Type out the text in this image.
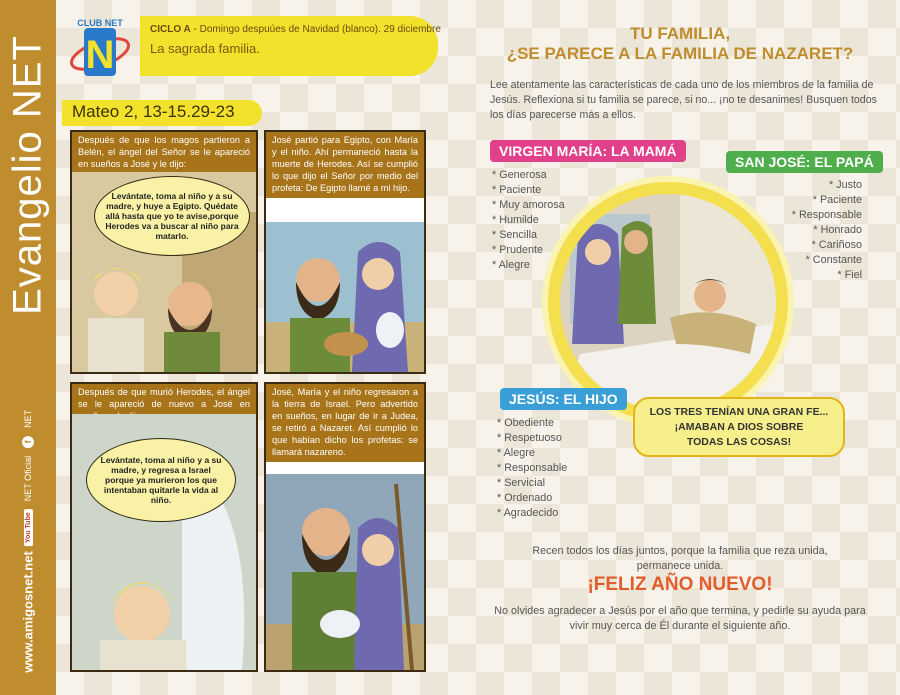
Evangelio NET
You Tube
NET Oficial
f
NET
www.amigosnet.net
N
CLUB NET
CICLO A - Domingo despuúes de Navidad (blanco). 29 diciembre
La sagrada familia.
Mateo 2, 13-15.29-23
Después de que los magos partieron a Belén, el ángel del Señor se le apareció en sueños a José y le dijo:
Levántate, toma al niño y a su madre, y huye a Egipto. Quédate allá hasta que yo te avise,porque Herodes va a buscar al niño para matarlo.
José partió para Egipto, con María y el niño. Ahí permaneció hasta la muerte de Herodes. Así se cumplió lo que dijo el Señor por medio del profeta: De Egipto llamé a mi hijo.
Después de que murió Herodes, el ángel se le apareció de nuevo a José en
Levántate, toma al niño y a su madre, y regresa a Israel porque ya murieron los que intentaban quitarle la vida al niño.
José, María y el niño regresaron a la tierra de Israel. Pero advertido en sueños, en lugar de ir a Judea, se retiró a Nazaret. Así cumplió lo que habían dicho los profetas: se llamará nazareno.
TU FAMILIA,
¿SE PARECE A LA FAMILIA DE NAZARET?
Lee atentamente las características de cada uno de los miembros de la familia de Jesús. Reflexiona si tu familia se parece, si no... ¡no te desanimes! Busquen todos los días parecerse más a ellos.
VIRGEN MARÍA: LA MAMÁ
* Generosa
* Paciente
* Muy amorosa
* Humilde
* Sencilla
* Prudente
* Alegre
SAN JOSÉ: EL PAPÁ
* Justo
* Paciente
* Responsable
* Honrado
* Cariñoso
* Constante
* Fiel
JESÚS: EL HIJO
* Obediente
* Respetuoso
* Alegre
* Responsable
* Servicial
* Ordenado
* Agradecido
LOS TRES TENÍAN UNA GRAN FE...
¡AMABAN A DIOS SOBRE
TODAS LAS COSAS!
Recen todos los días juntos, porque la familia que reza unida, permanece unida.
¡FELIZ AÑO NUEVO!
No olvides agradecer a Jesús por el año que termina, y pedirle su ayuda para vivir muy cerca de Él durante el siguiente año.
